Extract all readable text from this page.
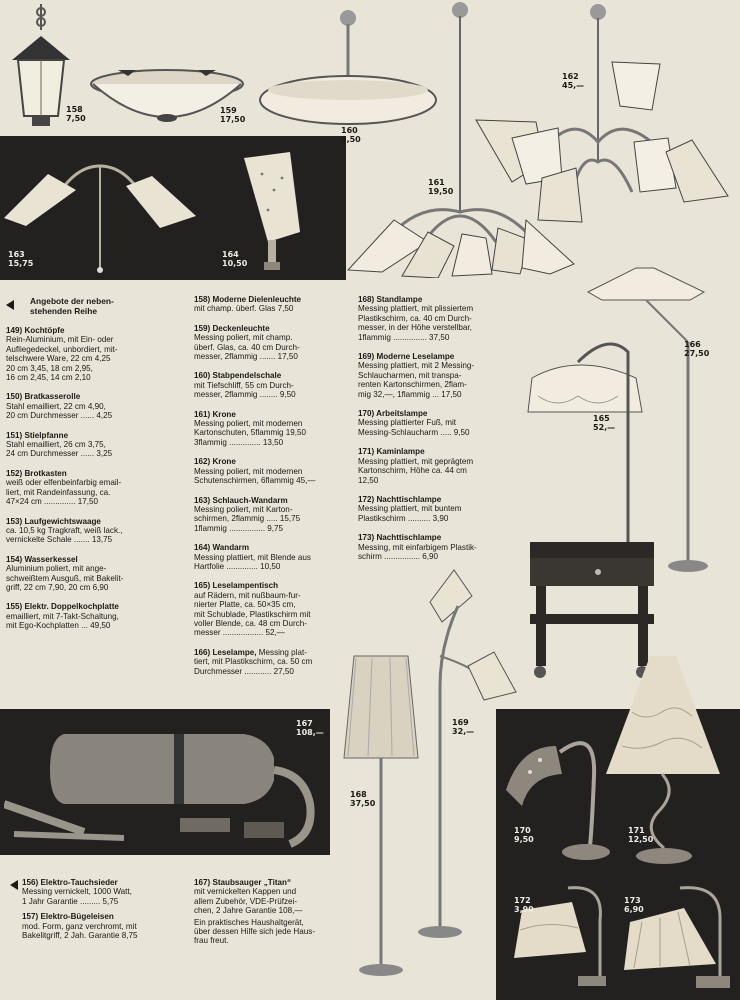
158
7,50
159
17,50
160
9,50
161
19,50
162
45,—
163
15,75
164
10,50
166
27,50
165
52,—
168
37,50
169
32,—
167
108,—
170
9,50
171
12,50
172
3,90
173
6,90
Angebote der neben-
stehenden Reihe
149) Kochtöpfe
Rein-Aluminium, mit Ein- oder
Aufliegedeckel, unbordiert, mit-
telschwere Ware, 22 cm 4,25
20 cm 3,45, 18 cm 2,95,
16 cm 2,45, 14 cm 2,10
150) Bratkasserolle
Stahl emailliert, 22 cm 4,90,
20 cm Durchmesser ...... 4,25
151) Stielpfanne
Stahl emailliert, 26 cm 3,75,
24 cm Durchmesser ...... 3,25
152) Brotkasten
weiß oder elfenbeinfarbig email-
liert, mit Randeinfassung, ca.
47×24 cm .............. 17,50
153) Laufgewichtswaage
ca. 10,5 kg Tragkraft, weiß lack.,
vernickelte Schale ....... 13,75
154) Wasserkessel
Aluminium poliert, mit ange-
schweißtem Ausguß, mit Bakelit-
griff, 22 cm 7,90, 20 cm 6,90
155) Elektr. Doppelkochplatte
emailliert, mit 7-Takt-Schaltung,
mit Ego-Kochplatten ... 49,50
158) Moderne Dielenleuchte
mit champ. überf. Glas 7,50
159) Deckenleuchte
Messing poliert, mit champ.
überf. Glas, ca. 40 cm Durch-
messer, 2flammig ....... 17,50
160) Stabpendelschale
mit Tiefschliff, 55 cm Durch-
messer, 2flammig ........ 9,50
161) Krone
Messing poliert, mit modernen
Kartonschuten, 5flammig 19,50
3flammig .............. 13,50
162) Krone
Messing poliert, mit modernen
Schutenschirmen, 6flammig 45,—
163) Schlauch-Wandarm
Messing poliert, mit Karton-
schirmen, 2flammig ..... 15,75
1flammig ................ 9,75
164) Wandarm
Messing plattiert, mit Blende aus
Hartfolie .............. 10,50
165) Leselampentisch
auf Rädern, mit nußbaum-fur-
nierter Platte, ca. 50×35 cm,
mit Schublade, Plastikschirm mit
voller Blende, ca. 48 cm Durch-
messer .................. 52,—
166) Leselampe, Messing plat-
tiert, mit Plastikschirm, ca. 50 cm
Durchmesser ............ 27,50
168) Standlampe
Messing plattiert, mit plissiertem
Plastikschirm, ca. 40 cm Durch-
messer, in der Höhe verstellbar,
1flammig ............... 37,50
169) Moderne Leselampe
Messing plattiert, mit 2 Messing-
Schlaucharmen, mit transpa-
renten Kartonschirmen, 2flam-
mig 32,—, 1flammig ... 17,50
170) Arbeitslampe
Messing plattierter Fuß, mit
Messing-Schlaucharm ..... 9,50
171) Kaminlampe
Messing plattiert, mit geprägtem
Kartonschirm, Höhe ca. 44 cm
12,50
172) Nachttischlampe
Messing plattiert, mit buntem
Plastikschirm .......... 3,90
173) Nachttischlampe
Messing, mit einfarbigem Plastik-
schirm ................ 6,90
156) Elektro-Tauchsieder
Messing vernickelt, 1000 Watt,
1 Jahr Garantie ......... 5,75
157) Elektro-Bügeleisen
mod. Form, ganz verchromt, mit
Bakelitgriff, 2 Jah. Garantie 8,75
167) Staubsauger „Titan“
mit vernickelten Kappen und
allem Zubehör, VDE-Prüfzei-
chen, 2 Jahre Garantie 108,—
Ein praktisches Haushaltgerät,
über dessen Hilfe sich jede Haus-
frau freut.
